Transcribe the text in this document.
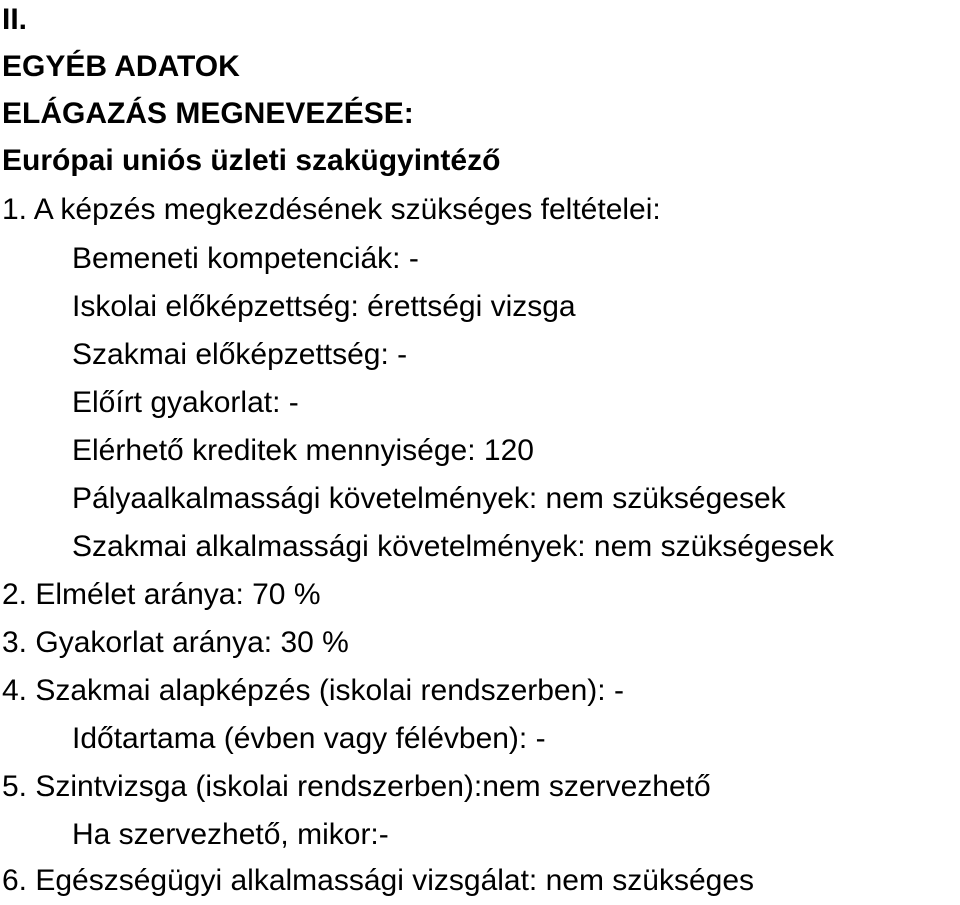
II.
EGYÉB ADATOK
ELÁGAZÁS MEGNEVEZÉSE:
Európai uniós üzleti szakügyintéző
1. A képzés megkezdésének szükséges feltételei:
Bemeneti kompetenciák: -
Iskolai előképzettség: érettségi vizsga
Szakmai előképzettség: -
Előírt gyakorlat: -
Elérhető kreditek mennyisége: 120
Pályaalkalmassági követelmények: nem szükségesek
Szakmai alkalmassági követelmények: nem szükségesek
2. Elmélet aránya: 70 %
3. Gyakorlat aránya: 30 %
4. Szakmai alapképzés (iskolai rendszerben): -
Időtartama (évben vagy félévben): -
5. Szintvizsga (iskolai rendszerben):nem szervezhető
Ha szervezhető, mikor:-
6. Egészségügyi alkalmassági vizsgálat: nem szükséges
